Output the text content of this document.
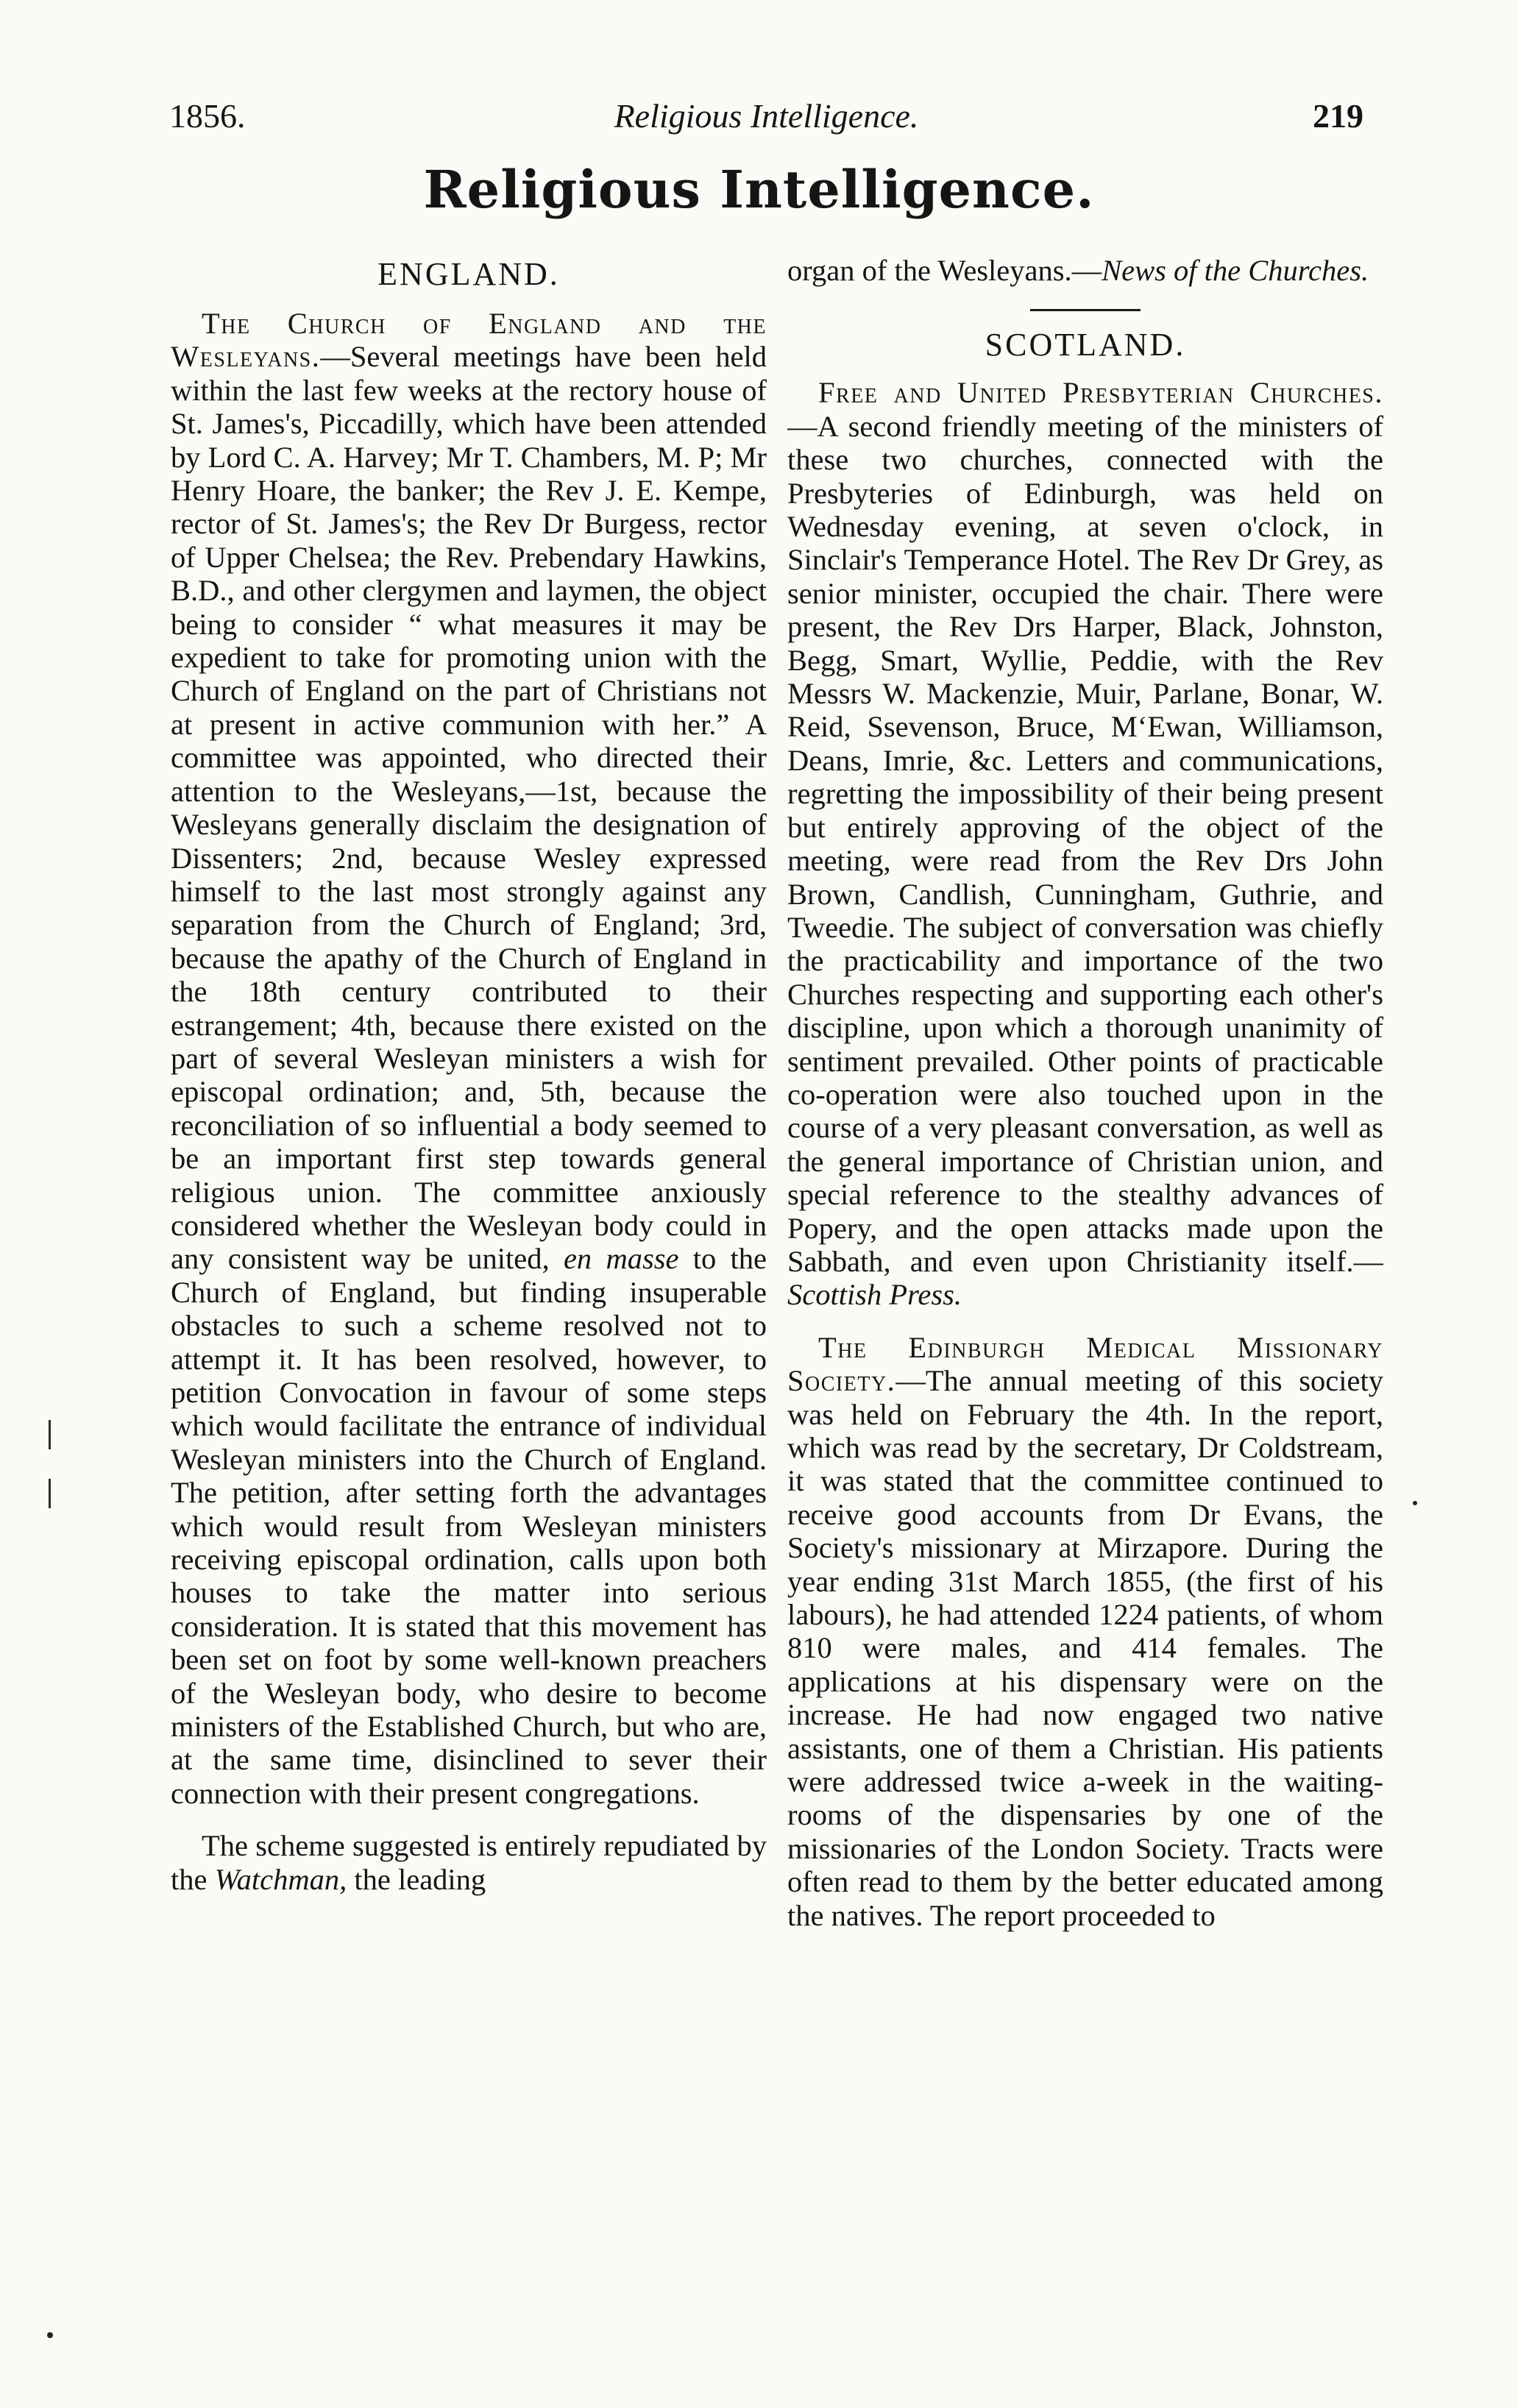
1856.	Religious Intelligence.	219
Religious Intelligence.
ENGLAND.

The Church of England and the Wesleyans.—Several meetings have been held within the last few weeks at the rectory house of St. James's, Piccadilly, which have been attended by Lord C. A. Harvey; Mr T. Chambers, M. P; Mr Henry Hoare, the banker; the Rev J. E. Kempe, rector of St. James's; the Rev Dr Burgess, rector of Upper Chelsea; the Rev. Prebendary Hawkins, B.D., and other clergymen and laymen, the object being to consider “ what measures it may be expedient to take for promoting union with the Church of England on the part of Christians not at present in active communion with her.” A committee was appointed, who directed their attention to the Wesleyans,—1st, because the Wesleyans generally disclaim the designation of Dissenters; 2nd, because Wesley expressed himself to the last most strongly against any separation from the Church of England; 3rd, because the apathy of the Church of England in the 18th century contributed to their estrangement; 4th, because there existed on the part of several Wesleyan ministers a wish for episcopal ordination; and, 5th, because the reconciliation of so influential a body seemed to be an important first step towards general religious union. The committee anxiously considered whether the Wesleyan body could in any consistent way be united, en masse to the Church of England, but finding insuperable obstacles to such a scheme resolved not to attempt it. It has been resolved, however, to petition Convocation in favour of some steps which would facilitate the entrance of individual Wesleyan ministers into the Church of England. The petition, after setting forth the advantages which would result from Wesleyan ministers receiving episcopal ordination, calls upon both houses to take the matter into serious consideration. It is stated that this movement has been set on foot by some well-known preachers of the Wesleyan body, who desire to become ministers of the Established Church, but who are, at the same time, disinclined to sever their connection with their present congregations.

The scheme suggested is entirely repudiated by the Watchman, the leading

organ of the Wesleyans.—News of the Churches.

SCOTLAND.

Free and United Presbyterian Churches.—A second friendly meeting of the ministers of these two churches, connected with the Presbyteries of Edinburgh, was held on Wednesday evening, at seven o'clock, in Sinclair's Temperance Hotel. The Rev Dr Grey, as senior minister, occupied the chair. There were present, the Rev Drs Harper, Black, Johnston, Begg, Smart, Wyllie, Peddie, with the Rev Messrs W. Mackenzie, Muir, Parlane, Bonar, W. Reid, Ssevenson, Bruce, M‘Ewan, Williamson, Deans, Imrie, &c. Letters and communications, regretting the impossibility of their being present but entirely approving of the object of the meeting, were read from the Rev Drs John Brown, Candlish, Cunningham, Guthrie, and Tweedie. The subject of conversation was chiefly the practicability and importance of the two Churches respecting and supporting each other's discipline, upon which a thorough unanimity of sentiment prevailed. Other points of practicable co-operation were also touched upon in the course of a very pleasant conversation, as well as the general importance of Christian union, and special reference to the stealthy advances of Popery, and the open attacks made upon the Sabbath, and even upon Christianity itself.—Scottish Press.

The Edinburgh Medical Missionary Society.—The annual meeting of this society was held on February the 4th. In the report, which was read by the secretary, Dr Coldstream, it was stated that the committee continued to receive good accounts from Dr Evans, the Society's missionary at Mirzapore. During the year ending 31st March 1855, (the first of his labours), he had attended 1224 patients, of whom 810 were males, and 414 females. The applications at his dispensary were on the increase. He had now engaged two native assistants, one of them a Christian. His patients were addressed twice a-week in the waiting-rooms of the dispensaries by one of the missionaries of the London Society. Tracts were often read to them by the better educated among the natives. The report proceeded to
